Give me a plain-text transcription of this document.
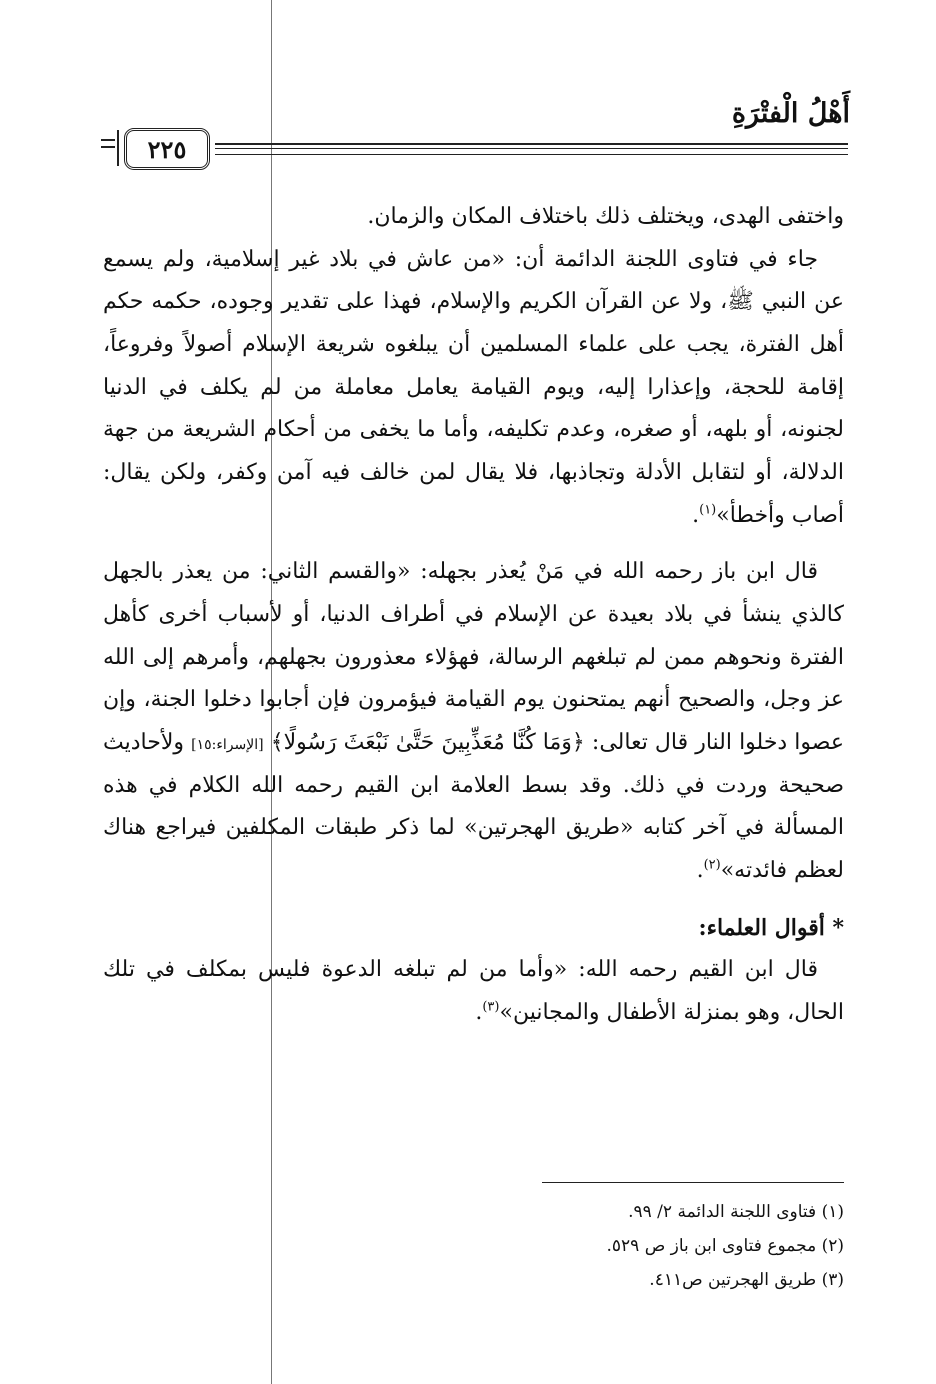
أَهْلُ الْفتْرَةِ
٢٢٥

واختفى الهدى، ويختلف ذلك باختلاف المكان والزمان.

جاء في فتاوى اللجنة الدائمة أن: «من عاش في بلاد غير إسلامية، ولم يسمع عن النبي ﷺ، ولا عن القرآن الكريم والإسلام، فهذا على تقدير وجوده، حكمه حكم أهل الفترة، يجب على علماء المسلمين أن يبلغوه شريعة الإسلام أصولاً وفروعاً، إقامة للحجة، وإعذارا إليه، ويوم القيامة يعامل معاملة من لم يكلف في الدنيا لجنونه، أو بلهه، أو صغره، وعدم تكليفه، وأما ما يخفى من أحكام الشريعة من جهة الدلالة، أو لتقابل الأدلة وتجاذبها، فلا يقال لمن خالف فيه آمن وكفر، ولكن يقال: أصاب وأخطأ»$^{(١)}$.

قال ابن باز رحمه الله في مَنْ يُعذر بجهله: «والقسم الثاني: من يعذر بالجهل كالذي ينشأ في بلاد بعيدة عن الإسلام في أطراف الدنيا، أو لأسباب أخرى كأهل الفترة ونحوهم ممن لم تبلغهم الرسالة، فهؤلاء معذورون بجهلهم، وأمرهم إلى الله عز وجل، والصحيح أنهم يمتحنون يوم القيامة فيؤمرون فإن أجابوا دخلوا الجنة، وإن عصوا دخلوا النار قال تعالى: ﴿وَمَا كُنَّا مُعَذِّبِينَ حَتَّىٰ نَبْعَثَ رَسُولًا﴾ [الإسراء:١٥] ولأحاديث صحيحة وردت في ذلك. وقد بسط العلامة ابن القيم رحمه الله الكلام في هذه المسألة في آخر كتابه «طريق الهجرتين» لما ذكر طبقات المكلفين فيراجع هناك لعظم فائدته»$^{(٢)}$.

* أقوال العلماء:

قال ابن القيم رحمه الله: «وأما من لم تبلغه الدعوة فليس بمكلف في تلك الحال، وهو بمنزلة الأطفال والمجانين»$^{(٣)}$.

(١) فتاوى اللجنة الدائمة ٢/ ٩٩.
(٢) مجموع فتاوى ابن باز ص ٥٢٩.
(٣) طريق الهجرتين ص٤١١.
